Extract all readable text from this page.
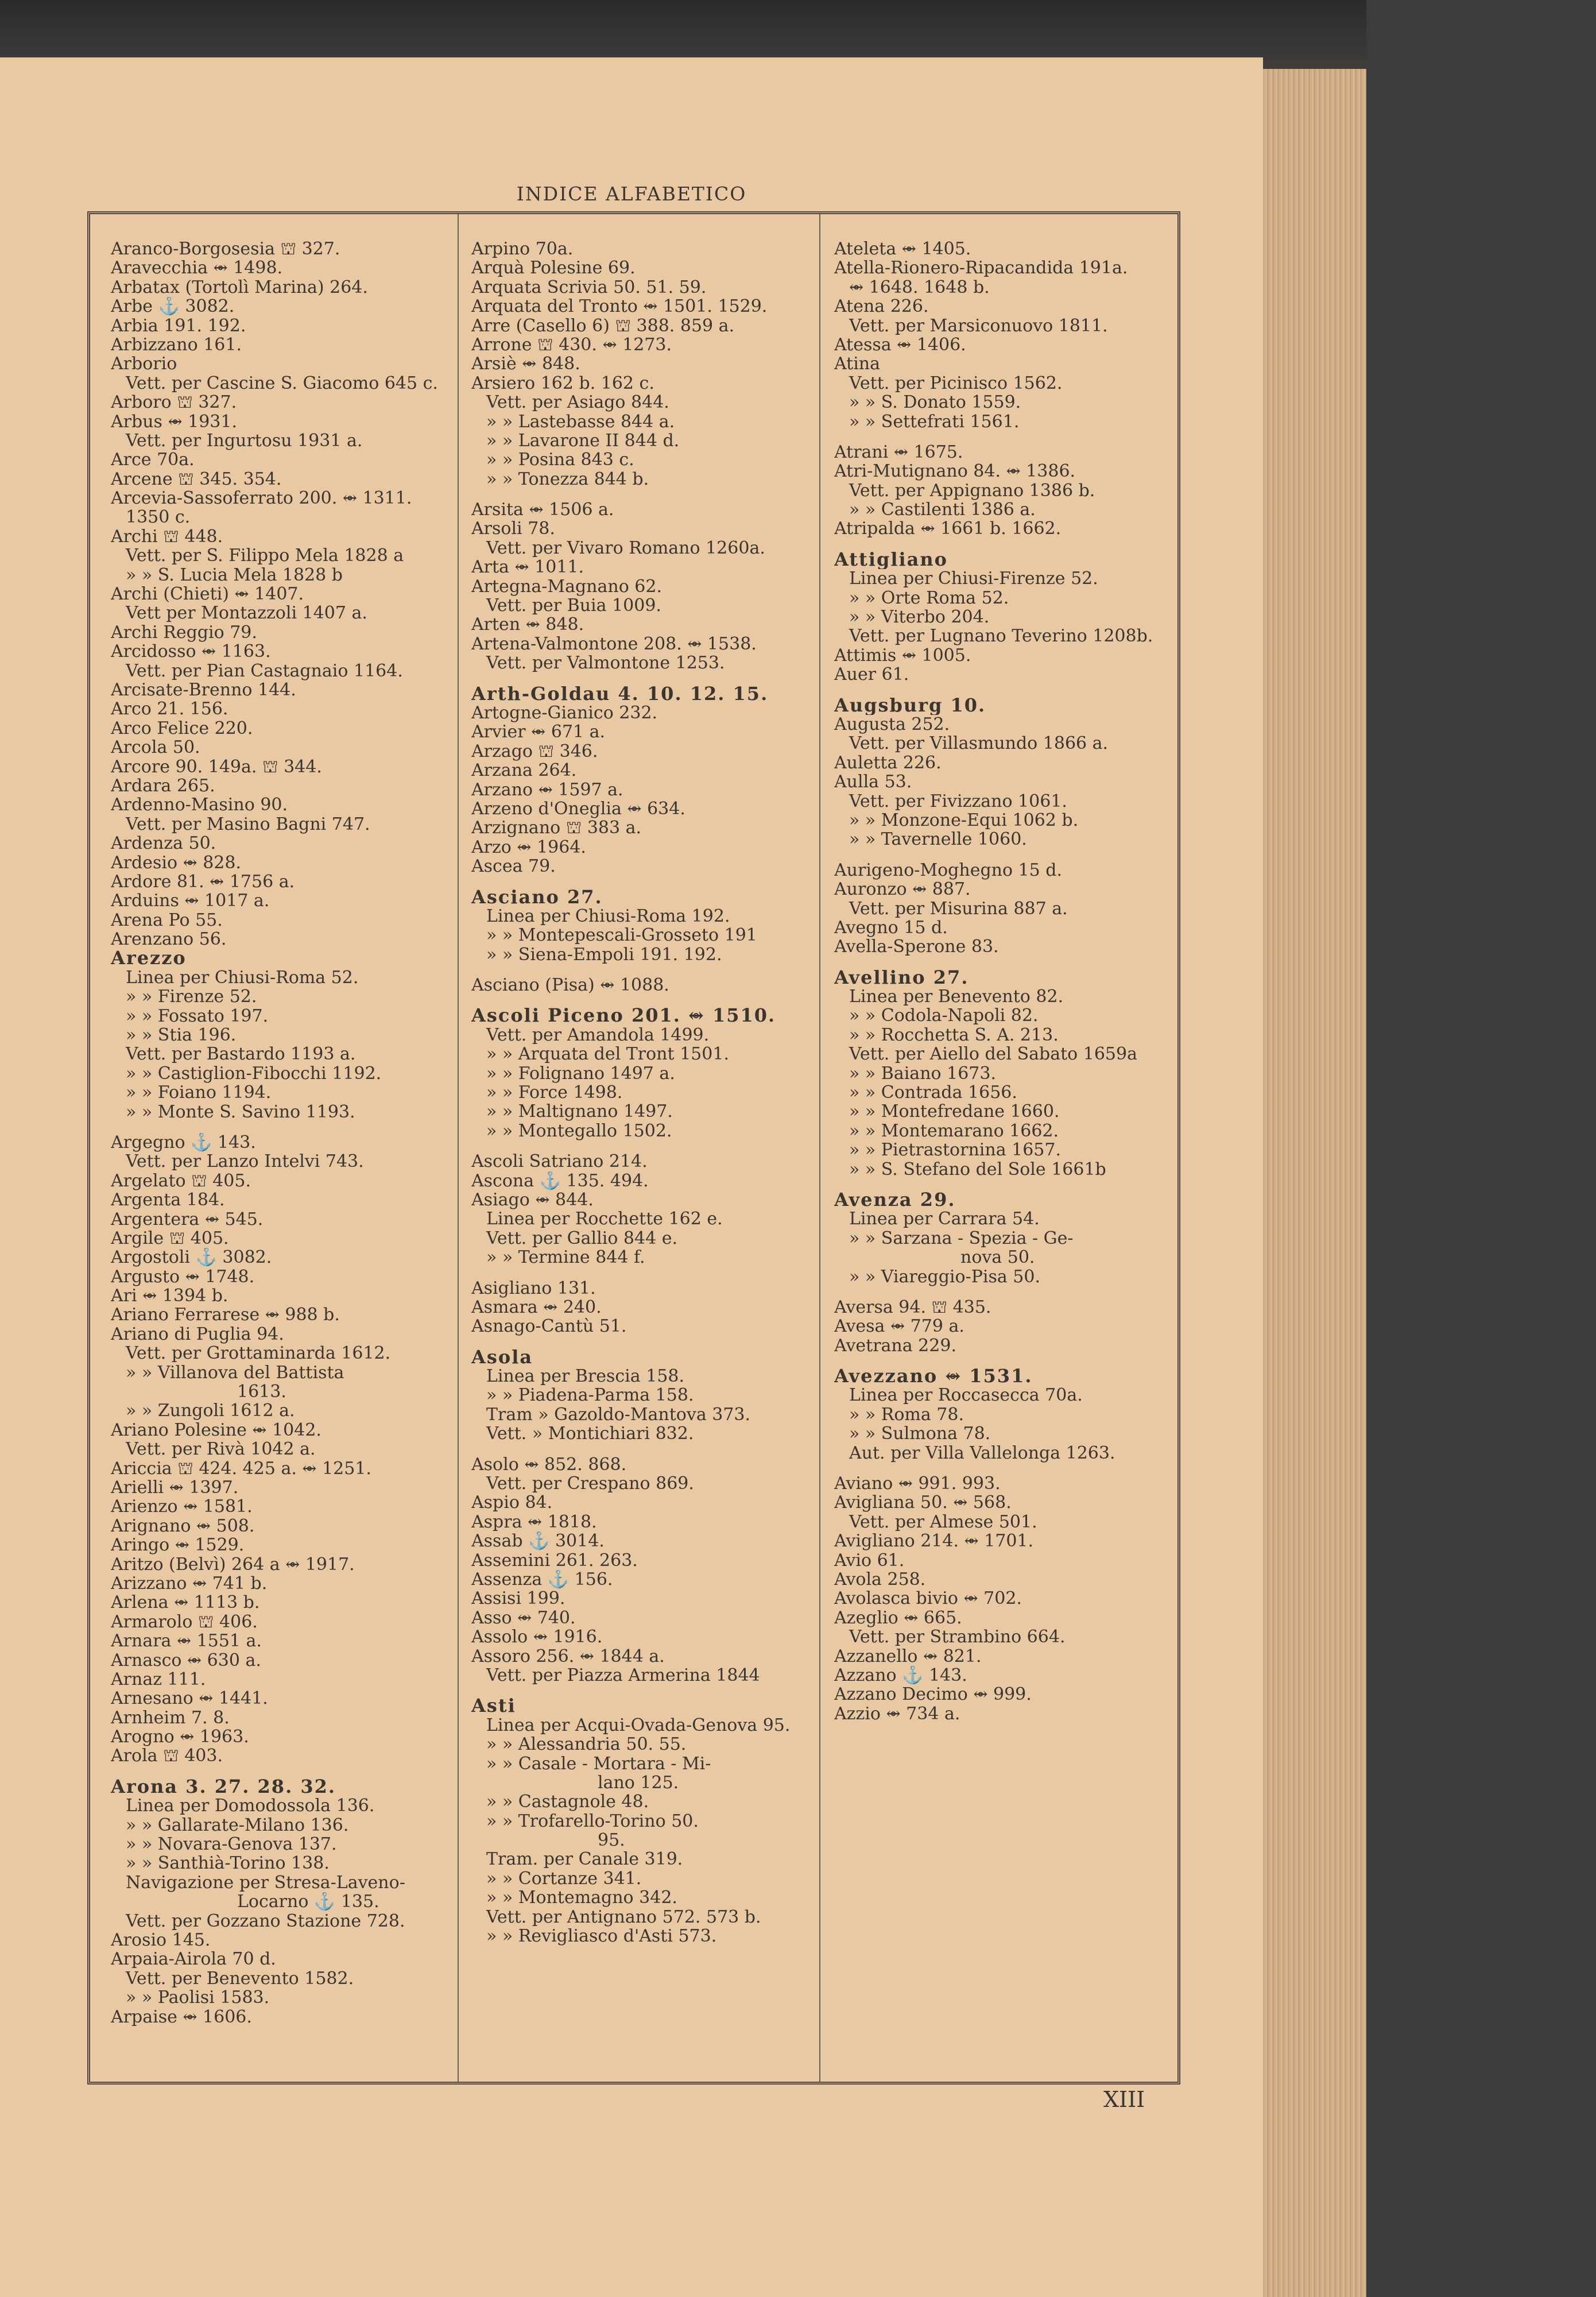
INDICE ALFABETICO
Aranco-Borgosesia ⛫ 327.
Aravecchia ⥈ 1498.
Arbatax (Tortolì Marina) 264.
Arbe ⚓ 3082.
Arbia 191. 192.
Arbizzano 161.
Arborio
Vett. per Cascine S. Giacomo 645 c.
Arboro ⛫ 327.
Arbus ⥈ 1931.
Vett. per Ingurtosu 1931 a.
Arce 70a.
Arcene ⛫ 345. 354.
Arcevia-Sassoferrato 200. ⥈ 1311.
1350 c.
Archi ⛫ 448.
Vett. per S. Filippo Mela 1828 a
» » S. Lucia Mela 1828 b
Archi (Chieti) ⥈ 1407.
Vett per Montazzoli 1407 a.
Archi Reggio 79.
Arcidosso ⥈ 1163.
Vett. per Pian Castagnaio 1164.
Arcisate-Brenno 144.
Arco 21. 156.
Arco Felice 220.
Arcola 50.
Arcore 90. 149a. ⛫ 344.
Ardara 265.
Ardenno-Masino 90.
Vett. per Masino Bagni 747.
Ardenza 50.
Ardesio ⥈ 828.
Ardore 81. ⥈ 1756 a.
Arduins ⥈ 1017 a.
Arena Po 55.
Arenzano 56.
Arezzo
Linea per Chiusi-Roma 52.
» » Firenze 52.
» » Fossato 197.
» » Stia 196.
Vett. per Bastardo 1193 a.
» » Castiglion-Fibocchi 1192.
» » Foiano 1194.
» » Monte S. Savino 1193.
Argegno ⚓ 143.
Vett. per Lanzo Intelvi 743.
Argelato ⛫ 405.
Argenta 184.
Argentera ⥈ 545.
Argile ⛫ 405.
Argostoli ⚓ 3082.
Argusto ⥈ 1748.
Ari ⥈ 1394 b.
Ariano Ferrarese ⥈ 988 b.
Ariano di Puglia 94.
Vett. per Grottaminarda 1612.
» » Villanova del Battista
1613.
» » Zungoli 1612 a.
Ariano Polesine ⥈ 1042.
Vett. per Rivà 1042 a.
Ariccia ⛫ 424. 425 a. ⥈ 1251.
Arielli ⥈ 1397.
Arienzo ⥈ 1581.
Arignano ⥈ 508.
Aringo ⥈ 1529.
Aritzo (Belvì) 264 a ⥈ 1917.
Arizzano ⥈ 741 b.
Arlena ⥈ 1113 b.
Armarolo ⛫ 406.
Arnara ⥈ 1551 a.
Arnasco ⥈ 630 a.
Arnaz 111.
Arnesano ⥈ 1441.
Arnheim 7. 8.
Arogno ⥈ 1963.
Arola ⛫ 403.
Arona 3. 27. 28. 32.
Linea per Domodossola 136.
» » Gallarate-Milano 136.
» » Novara-Genova 137.
» » Santhià-Torino 138.
Navigazione per Stresa-Laveno-
Locarno ⚓ 135.
Vett. per Gozzano Stazione 728.
Arosio 145.
Arpaia-Airola 70 d.
Vett. per Benevento 1582.
» » Paolisi 1583.
Arpaise ⥈ 1606.
Arpino 70a.
Arquà Polesine 69.
Arquata Scrivia 50. 51. 59.
Arquata del Tronto ⥈ 1501. 1529.
Arre (Casello 6) ⛫ 388. 859 a.
Arrone ⛫ 430. ⥈ 1273.
Arsiè ⥈ 848.
Arsiero 162 b. 162 c.
Vett. per Asiago 844.
» » Lastebasse 844 a.
» » Lavarone II 844 d.
» » Posina 843 c.
» » Tonezza 844 b.
Arsita ⥈ 1506 a.
Arsoli 78.
Vett. per Vivaro Romano 1260a.
Arta ⥈ 1011.
Artegna-Magnano 62.
Vett. per Buia 1009.
Arten ⥈ 848.
Artena-Valmontone 208. ⥈ 1538.
Vett. per Valmontone 1253.
Arth-Goldau 4. 10. 12. 15.
Artogne-Gianico 232.
Arvier ⥈ 671 a.
Arzago ⛫ 346.
Arzana 264.
Arzano ⥈ 1597 a.
Arzeno d'Oneglia ⥈ 634.
Arzignano ⛫ 383 a.
Arzo ⥈ 1964.
Ascea 79.
Asciano 27.
Linea per Chiusi-Roma 192.
» » Montepescali-Grosseto 191
» » Siena-Empoli 191. 192.
Asciano (Pisa) ⥈ 1088.
Ascoli Piceno 201. ⥈ 1510.
Vett. per Amandola 1499.
» » Arquata del Tront 1501.
» » Folignano 1497 a.
» » Force 1498.
» » Maltignano 1497.
» » Montegallo 1502.
Ascoli Satriano 214.
Ascona ⚓ 135. 494.
Asiago ⥈ 844.
Linea per Rocchette 162 e.
Vett. per Gallio 844 e.
» » Termine 844 f.
Asigliano 131.
Asmara ⥈ 240.
Asnago-Cantù 51.
Asola
Linea per Brescia 158.
» » Piadena-Parma 158.
Tram » Gazoldo-Mantova 373.
Vett. » Montichiari 832.
Asolo ⥈ 852. 868.
Vett. per Crespano 869.
Aspio 84.
Aspra ⥈ 1818.
Assab ⚓ 3014.
Assemini 261. 263.
Assenza ⚓ 156.
Assisi 199.
Asso ⥈ 740.
Assolo ⥈ 1916.
Assoro 256. ⥈ 1844 a.
Vett. per Piazza Armerina 1844
Asti
Linea per Acqui-Ovada-Genova 95.
» » Alessandria 50. 55.
» » Casale - Mortara - Mi-
lano 125.
» » Castagnole 48.
» » Trofarello-Torino 50.
95.
Tram. per Canale 319.
» » Cortanze 341.
» » Montemagno 342.
Vett. per Antignano 572. 573 b.
» » Revigliasco d'Asti 573.
Ateleta ⥈ 1405.
Atella-Rionero-Ripacandida 191a.
⥈ 1648. 1648 b.
Atena 226.
Vett. per Marsiconuovo 1811.
Atessa ⥈ 1406.
Atina
Vett. per Picinisco 1562.
» » S. Donato 1559.
» » Settefrati 1561.
Atrani ⥈ 1675.
Atri-Mutignano 84. ⥈ 1386.
Vett. per Appignano 1386 b.
» » Castilenti 1386 a.
Atripalda ⥈ 1661 b. 1662.
Attigliano
Linea per Chiusi-Firenze 52.
» » Orte Roma 52.
» » Viterbo 204.
Vett. per Lugnano Teverino 1208b.
Attimis ⥈ 1005.
Auer 61.
Augsburg 10.
Augusta 252.
Vett. per Villasmundo 1866 a.
Auletta 226.
Aulla 53.
Vett. per Fivizzano 1061.
» » Monzone-Equi 1062 b.
» » Tavernelle 1060.
Aurigeno-Moghegno 15 d.
Auronzo ⥈ 887.
Vett. per Misurina 887 a.
Avegno 15 d.
Avella-Sperone 83.
Avellino 27.
Linea per Benevento 82.
» » Codola-Napoli 82.
» » Rocchetta S. A. 213.
Vett. per Aiello del Sabato 1659a
» » Baiano 1673.
» » Contrada 1656.
» » Montefredane 1660.
» » Montemarano 1662.
» » Pietrastornina 1657.
» » S. Stefano del Sole 1661b
Avenza 29.
Linea per Carrara 54.
» » Sarzana - Spezia - Ge-
nova 50.
» » Viareggio-Pisa 50.
Aversa 94. ⛫ 435.
Avesa ⥈ 779 a.
Avetrana 229.
Avezzano ⥈ 1531.
Linea per Roccasecca 70a.
» » Roma 78.
» » Sulmona 78.
Aut. per Villa Vallelonga 1263.
Aviano ⥈ 991. 993.
Avigliana 50. ⥈ 568.
Vett. per Almese 501.
Avigliano 214. ⥈ 1701.
Avio 61.
Avola 258.
Avolasca bivio ⥈ 702.
Azeglio ⥈ 665.
Vett. per Strambino 664.
Azzanello ⥈ 821.
Azzano ⚓ 143.
Azzano Decimo ⥈ 999.
Azzio ⥈ 734 a.
XIII
